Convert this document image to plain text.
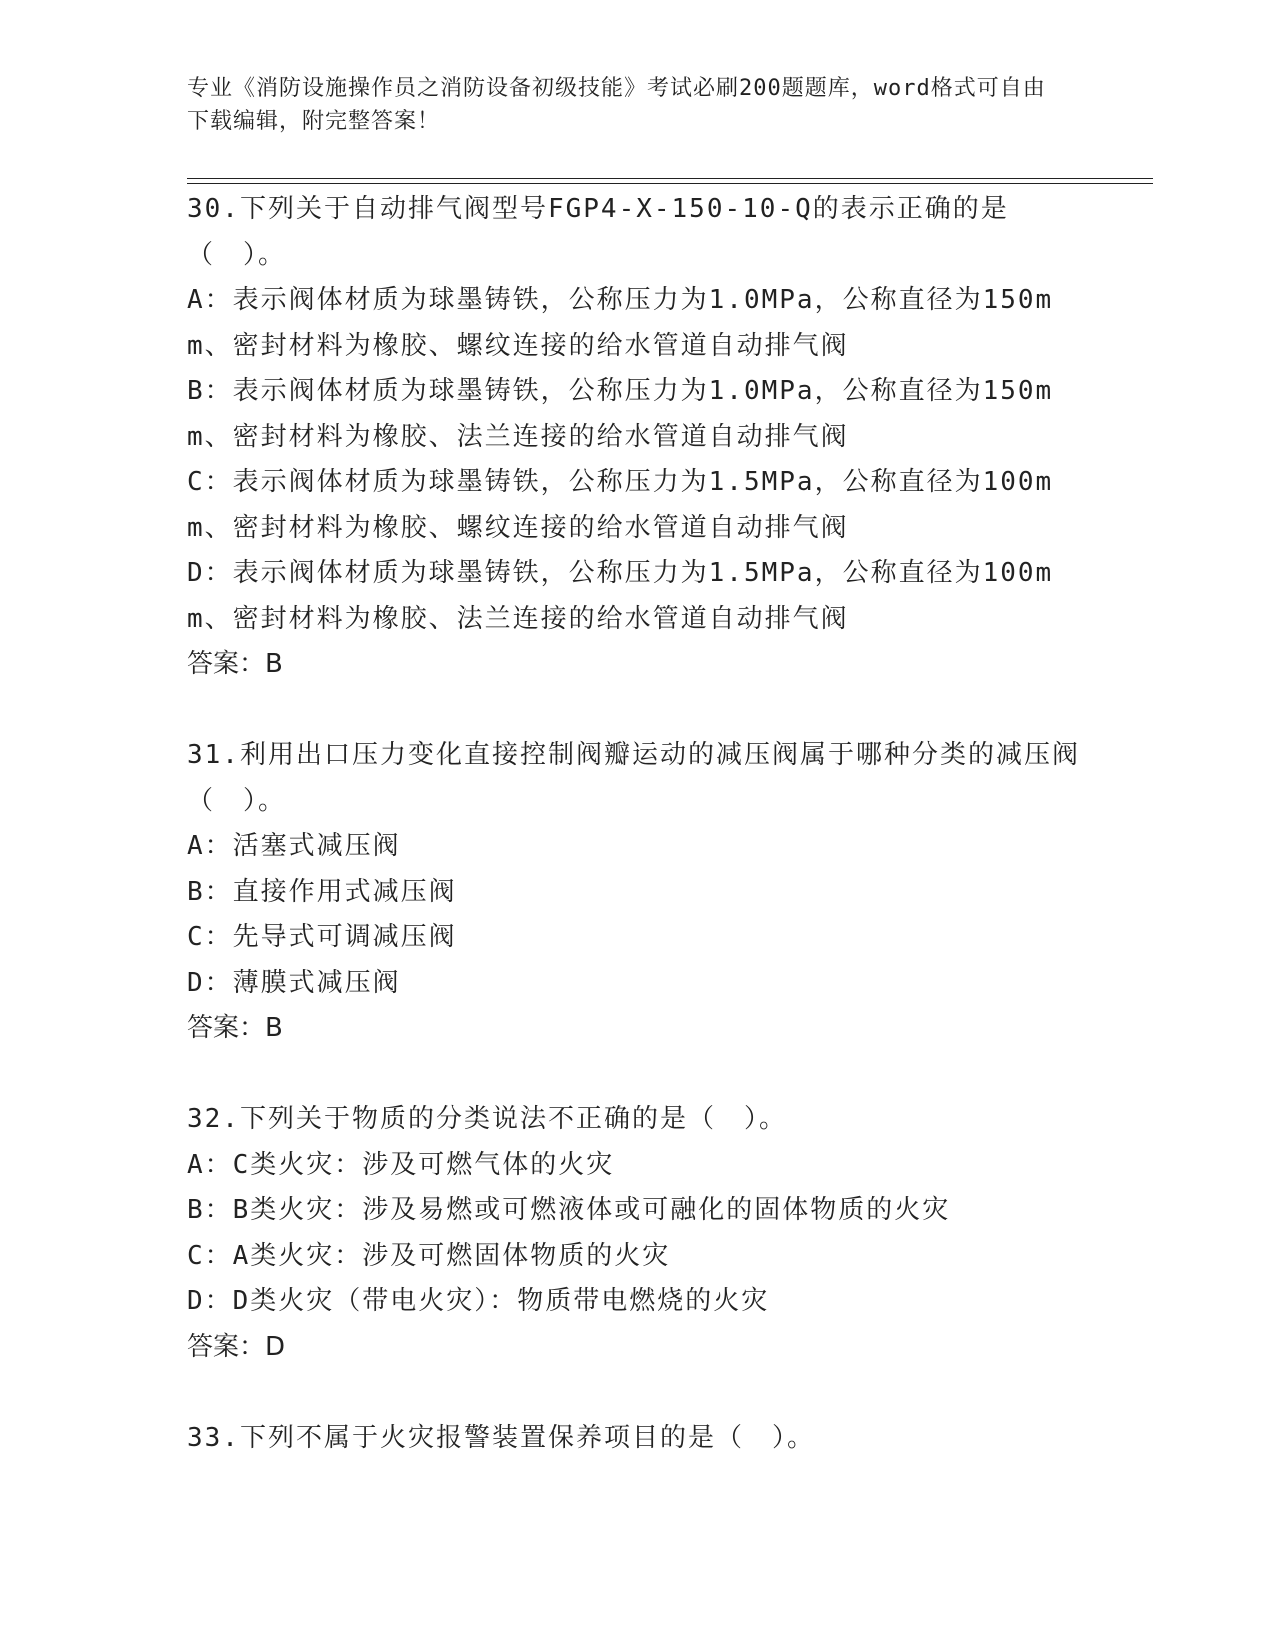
专业《消防设施操作员之消防设备初级技能》考试必刷200题题库，word格式可自由下载编辑，附完整答案！

30.下列关于自动排气阀型号FGP4-X-150-10-Q的表示正确的是（　）。

A：表示阀体材质为球墨铸铁，公称压力为1.0MPa，公称直径为150mm、密封材料为橡胶、螺纹连接的给水管道自动排气阀

B：表示阀体材质为球墨铸铁，公称压力为1.0MPa，公称直径为150mm、密封材料为橡胶、法兰连接的给水管道自动排气阀

C：表示阀体材质为球墨铸铁，公称压力为1.5MPa，公称直径为100mm、密封材料为橡胶、螺纹连接的给水管道自动排气阀

D：表示阀体材质为球墨铸铁，公称压力为1.5MPa，公称直径为100mm、密封材料为橡胶、法兰连接的给水管道自动排气阀

答案：B

31.利用出口压力变化直接控制阀瓣运动的减压阀属于哪种分类的减压阀（　）。

A：活塞式减压阀

B：直接作用式减压阀

C：先导式可调减压阀

D：薄膜式减压阀

答案：B

32.下列关于物质的分类说法不正确的是（　）。

A：C类火灾：涉及可燃气体的火灾

B：B类火灾：涉及易燃或可燃液体或可融化的固体物质的火灾

C：A类火灾：涉及可燃固体物质的火灾

D：D类火灾（带电火灾）：物质带电燃烧的火灾

答案：D

33.下列不属于火灾报警装置保养项目的是（　）。
